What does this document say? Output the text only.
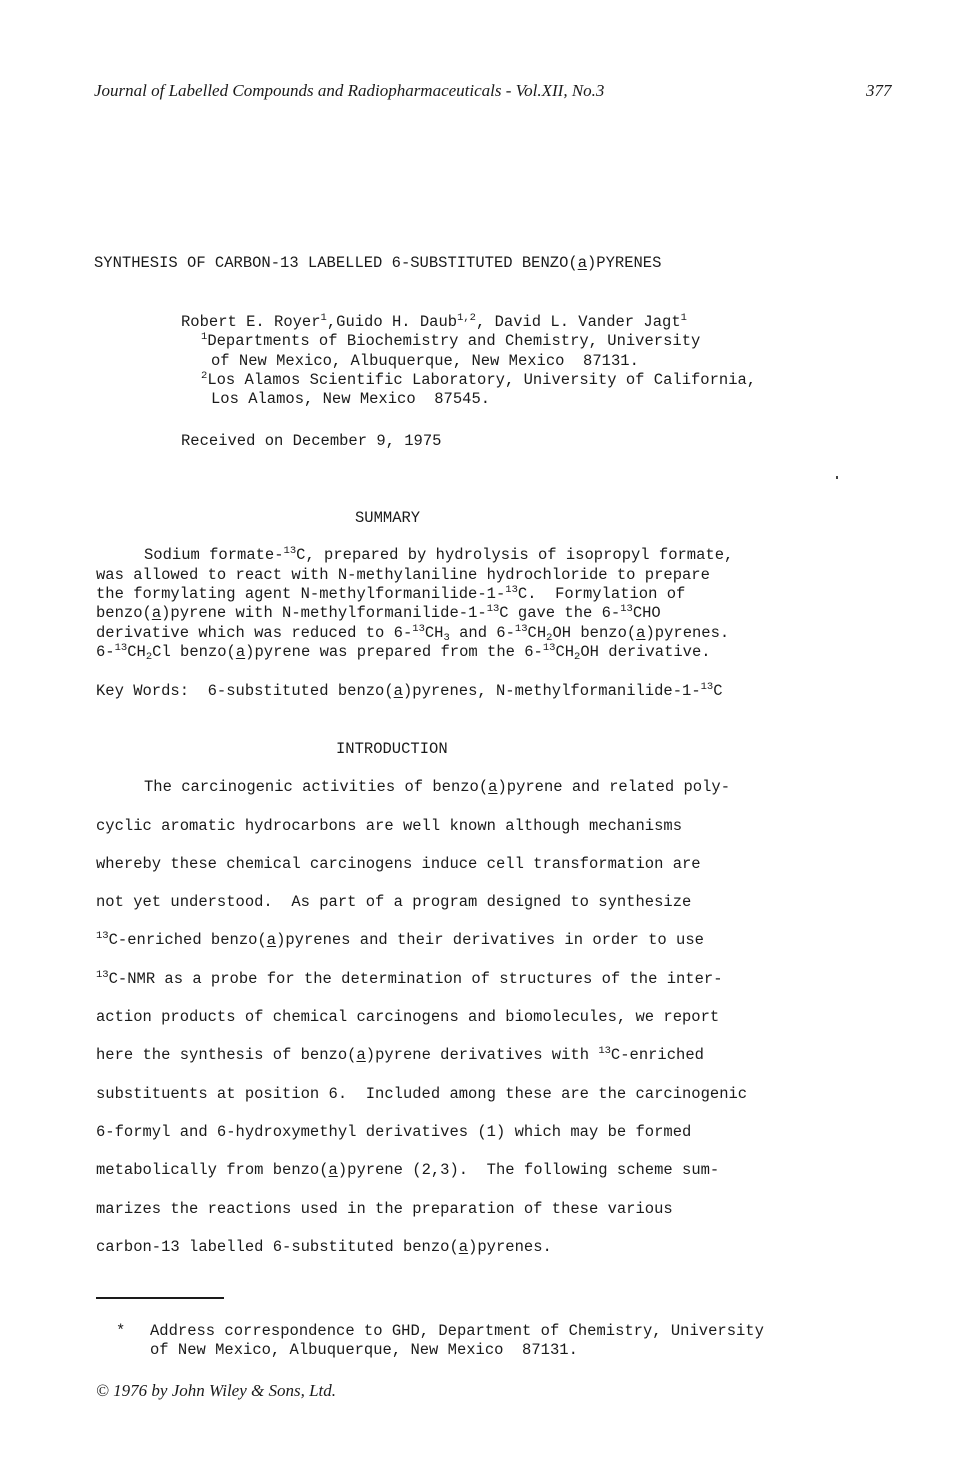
Journal of Labelled Compounds and Radiopharmaceuticals - Vol.XII, No.3	377
SYNTHESIS OF CARBON-13 LABELLED 6-SUBSTITUTED BENZO(a)PYRENES
Robert E. Royer$^1$,Guido H. Daub$^{1,2}$, David L. Vander Jagt$^1$
$^1$Departments of Biochemistry and Chemistry, University
of New Mexico, Albuquerque, New Mexico  87131.
$^2$Los Alamos Scientific Laboratory, University of California,
Los Alamos, New Mexico  87545.
Received on December 9, 1975
SUMMARY
Sodium formate-$^{13}$C, prepared by hydrolysis of isopropyl formate,
was allowed to react with N-methylaniline hydrochloride to prepare
the formylating agent N-methylformanilide-1-$^{13}$C.  Formylation of
benzo(a)pyrene with N-methylformanilide-1-$^{13}$C gave the 6-$^{13}$CHO
derivative which was reduced to $6-^{13}CH_3$ and $6-^{13}CH_2OH$ benzo(a)pyrenes.
$6-^{13}CH_2Cl$ benzo(a)pyrene was prepared from the $6-^{13}CH_2OH$ derivative.
Key Words:  6-substituted benzo(a)pyrenes, N-methylformanilide-1-$^{13}$C
INTRODUCTION
The carcinogenic activities of benzo(a)pyrene and related poly-
cyclic aromatic hydrocarbons are well known although mechanisms
whereby these chemical carcinogens induce cell transformation are
not yet understood.  As part of a program designed to synthesize
$^{13}$C-enriched benzo(a)pyrenes and their derivatives in order to use
$^{13}$C-NMR as a probe for the determination of structures of the inter-
action products of chemical carcinogens and biomolecules, we report
here the synthesis of benzo(a)pyrene derivatives with $^{13}$C-enriched
substituents at position 6.  Included among these are the carcinogenic
6-formyl and 6-hydroxymethyl derivatives (1) which may be formed
metabolically from benzo(a)pyrene (2,3).  The following scheme sum-
marizes the reactions used in the preparation of these various
carbon-13 labelled 6-substituted benzo(a)pyrenes.
* Address correspondence to GHD, Department of Chemistry, University
of New Mexico, Albuquerque, New Mexico  87131.
© 1976 by John Wiley & Sons, Ltd.
